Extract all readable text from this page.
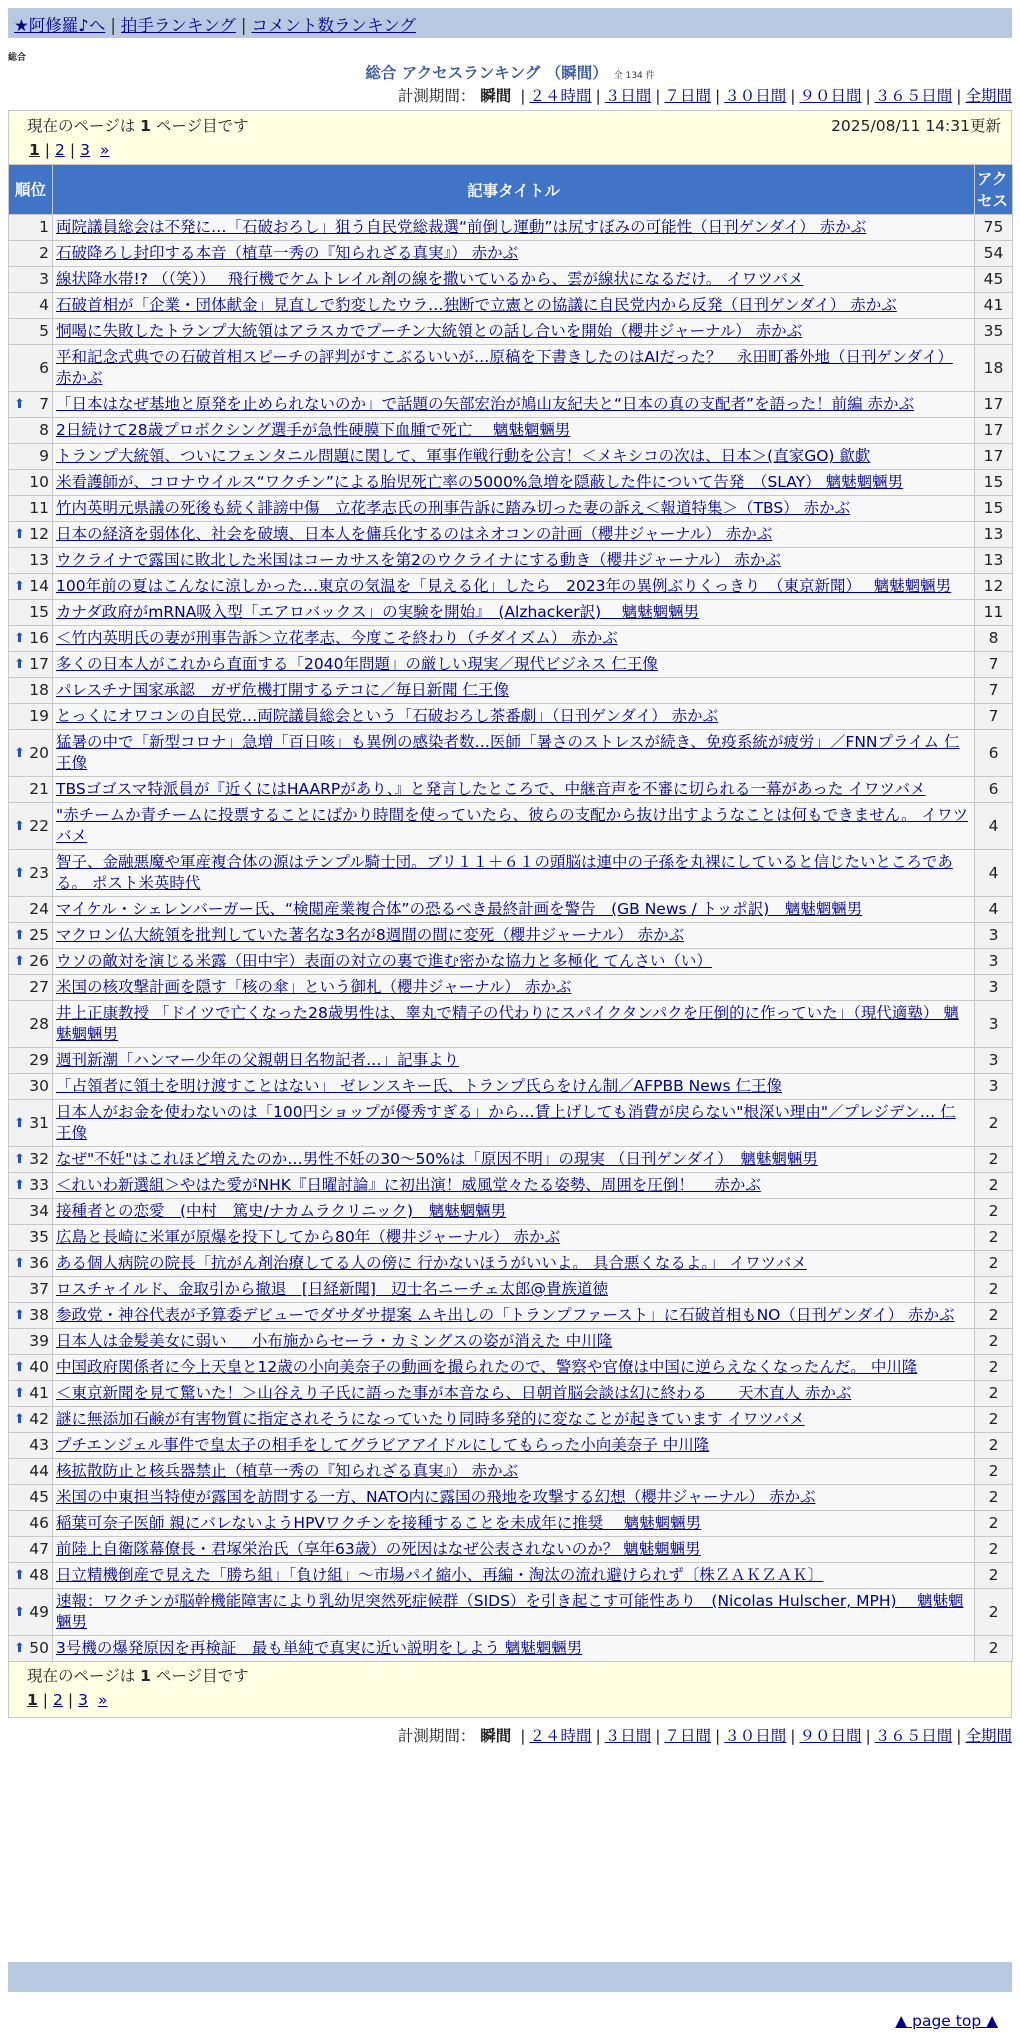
★阿修羅♪へ | 拍手ランキング | コメント数ランキング
総合
総合 アクセスランキング （瞬間） 全 134 件
計測期間： 瞬間 | ２４時間 | ３日間 | ７日間 | ３０日間 | ９０日間 | ３６５日間 | 全期間
現在のページは 1 ページ目です	2025/08/11 14:31更新
1 | 2 | 3 »
順位	記事タイトル	アクセス
1	両院議員総会は不発に…「石破おろし」狙う自民党総裁選“前倒し運動”は尻すぼみの可能性（日刊ゲンダイ） 赤かぶ	75
2	石破降ろし封印する本音（植草一秀の『知られざる真実』） 赤かぶ	54
3	線状降水帯!? （（笑））　 飛行機でケムトレイル剤の線を撒いているから、雲が線状になるだけ。 イワツバメ	45
4	石破首相が「企業・団体献金」見直しで豹変したウラ…独断で立憲との協議に自民党内から反発（日刊ゲンダイ） 赤かぶ	41
5	恫喝に失敗したトランプ大統領はアラスカでプーチン大統領との話し合いを開始（櫻井ジャーナル） 赤かぶ	35
6	平和記念式典での石破首相スピーチの評判がすこぶるいいが…原稿を下書きしたのはAIだった？　永田町番外地（日刊ゲンダイ） 赤かぶ	18

⬆ 7	「日本はなぜ基地と原発を止められないのか」で話題の矢部宏治が鳩山友紀夫と“日本の真の支配者”を語った！前編 赤かぶ	17
8	2日続けて28歳プロボクシング選手が急性硬膜下血腫で死亡　 魑魅魍魎男	17
9	トランプ大統領、ついにフェンタニル問題に関して、軍事作戦行動を公言！＜メキシコの次は、日本＞(直家GO) 歙歔	17
10	米看護師が、コロナウイルス“ワクチン”による胎児死亡率の5000%急増を隠蔽した件について告発　（SLAY） 魑魅魍魎男	15
11	竹内英明元県議の死後も続く誹謗中傷　立花孝志氏の刑事告訴に踏み切った妻の訴え＜報道特集＞（TBS） 赤かぶ	15

⬆ 12	日本の経済を弱体化、社会を破壊、日本人を傭兵化するのはネオコンの計画（櫻井ジャーナル） 赤かぶ	13
13	ウクライナで露国に敗北した米国はコーカサスを第2のウクライナにする動き（櫻井ジャーナル） 赤かぶ	13

⬆ 14	100年前の夏はこんなに涼しかった…東京の気温を「見える化」したら　2023年の異例ぶりくっきり　（東京新聞）　 魑魅魍魎男	12
15	カナダ政府がmRNA吸入型「エアロバックス」の実験を開始』　(Alzhacker訳)　 魑魅魍魎男	11

⬆ 16	＜竹内英明氏の妻が刑事告訴＞立花孝志、今度こそ終わり（チダイズム） 赤かぶ	8

⬆ 17	多くの日本人がこれから直面する「2040年問題」の厳しい現実／現代ビジネス 仁王像	7
18	パレスチナ国家承認　ガザ危機打開するテコに／毎日新聞 仁王像	7
19	とっくにオワコンの自民党…両院議員総会という「石破おろし茶番劇」（日刊ゲンダイ） 赤かぶ	7

⬆ 20	猛暑の中で「新型コロナ」急増「百日咳」も異例の感染者数…医師「暑さのストレスが続き、免疫系統が疲労」／FNNプライム 仁王像	6
21	TBSゴゴスマ特派員が『近くにはHAARPがあり、』と発言したところで、中継音声を不審に切られる一幕があった イワツバメ	6

⬆ 22	"赤チームか青チームに投票することにばかり時間を使っていたら、彼らの支配から抜け出すようなことは何もできません。 イワツバメ	4

⬆ 23	智子、金融悪魔や軍産複合体の源はテンプル騎士団。ブリ１１＋６１の頭脳は連中の子孫を丸裸にしていると信じたいところである。 ポスト米英時代	4
24	マイケル・シェレンバーガー氏、“検閲産業複合体”の恐るべき最終計画を警告　(GB News / トッポ訳)　魑魅魍魎男	4

⬆ 25	マクロン仏大統領を批判していた著名な3名が8週間の間に変死（櫻井ジャーナル） 赤かぶ	3

⬆ 26	ウソの敵対を演じる米露（田中宇）表面の対立の裏で進む密かな協力と多極化 てんさい（い）	3
27	米国の核攻撃計画を隠す「核の傘」という御札（櫻井ジャーナル） 赤かぶ	3
28	井上正康教授 「ドイツで亡くなった28歳男性は、睾丸で精子の代わりにスパイクタンパクを圧倒的に作っていた」（現代適塾） 魑魅魍魎男	3
29	週刊新潮「ハンマー少年の父親朝日名物記者…」記事より	3
30	「占領者に領土を明け渡すことはない」 ゼレンスキー氏、トランプ氏らをけん制／AFPBB News 仁王像	3

⬆ 31	日本人がお金を使わないのは「100円ショップが優秀すぎる」から…賃上げしても消費が戻らない"根深い理由"／プレジデン… 仁王像	2

⬆ 32	なぜ"不妊"はこれほど増えたのか…男性不妊の30～50%は「原因不明」の現実 （日刊ゲンダイ）　魑魅魍魎男	2

⬆ 33	＜れいわ新選組＞やはた愛がNHK『日曜討論』に初出演！威風堂々たる姿勢、周囲を圧倒！　 赤かぶ	2
34	接種者との恋愛　(中村　篤史/ナカムラクリニック)　魑魅魍魎男	2
35	広島と長崎に米軍が原爆を投下してから80年（櫻井ジャーナル） 赤かぶ	2

⬆ 36	ある個人病院の院長「抗がん剤治療してる人の傍に 行かないほうがいいよ。 具合悪くなるよ。」 イワツバメ	2
37	ロスチャイルド、金取引から撤退　[日経新聞]　辺士名ニーチェ太郎@貴族道徳	2

⬆ 38	参政党・神谷代表が予算委デビューでダサダサ提案 ムキ出しの「トランプファースト」に石破首相もNO（日刊ゲンダイ） 赤かぶ	2
39	日本人は金髪美女に弱い ＿ 小布施からセーラ・カミングスの姿が消えた 中川隆	2

⬆ 40	中国政府関係者に今上天皇と12歳の小向美奈子の動画を撮られたので、警察や官僚は中国に逆らえなくなったんだ。 中川隆	2

⬆ 41	＜東京新聞を見て驚いた！＞山谷えり子氏に語った事が本音なら、日朝首脳会談は幻に終わる　　天木直人 赤かぶ	2

⬆ 42	謎に無添加石鹸が有害物質に指定されそうになっていたり同時多発的に変なことが起きています イワツバメ	2
43	プチエンジェル事件で皇太子の相手をしてグラビアアイドルにしてもらった小向美奈子 中川隆	2
44	核拡散防止と核兵器禁止（植草一秀の『知られざる真実』） 赤かぶ	2
45	米国の中東担当特使が露国を訪問する一方、NATO内に露国の飛地を攻撃する幻想（櫻井ジャーナル） 赤かぶ	2
46	稲葉可奈子医師 親にバレないようHPVワクチンを接種することを未成年に推奨　 魑魅魍魎男	2
47	前陸上自衛隊幕僚長・君塚栄治氏（享年63歳）の死因はなぜ公表されないのか？ 魑魅魍魎男	2

⬆ 48	日立精機倒産で見えた「勝ち組」「負け組」〜市場パイ縮小、再編・淘汰の流れ避けられず〔株ＺＡＫＺＡＫ〕	2

⬆ 49	速報：ワクチンが脳幹機能障害により乳幼児突然死症候群（SIDS）を引き起こす可能性あり　(Nicolas Hulscher, MPH)　 魑魅魍魎男	2

⬆ 50	3号機の爆発原因を再検証　最も単純で真実に近い説明をしよう 魑魅魍魎男	2
現在のページは 1 ページ目です
1 | 2 | 3 »
計測期間： 瞬間 | ２４時間 | ３日間 | ７日間 | ３０日間 | ９０日間 | ３６５日間 | 全期間
▲ page top ▲
